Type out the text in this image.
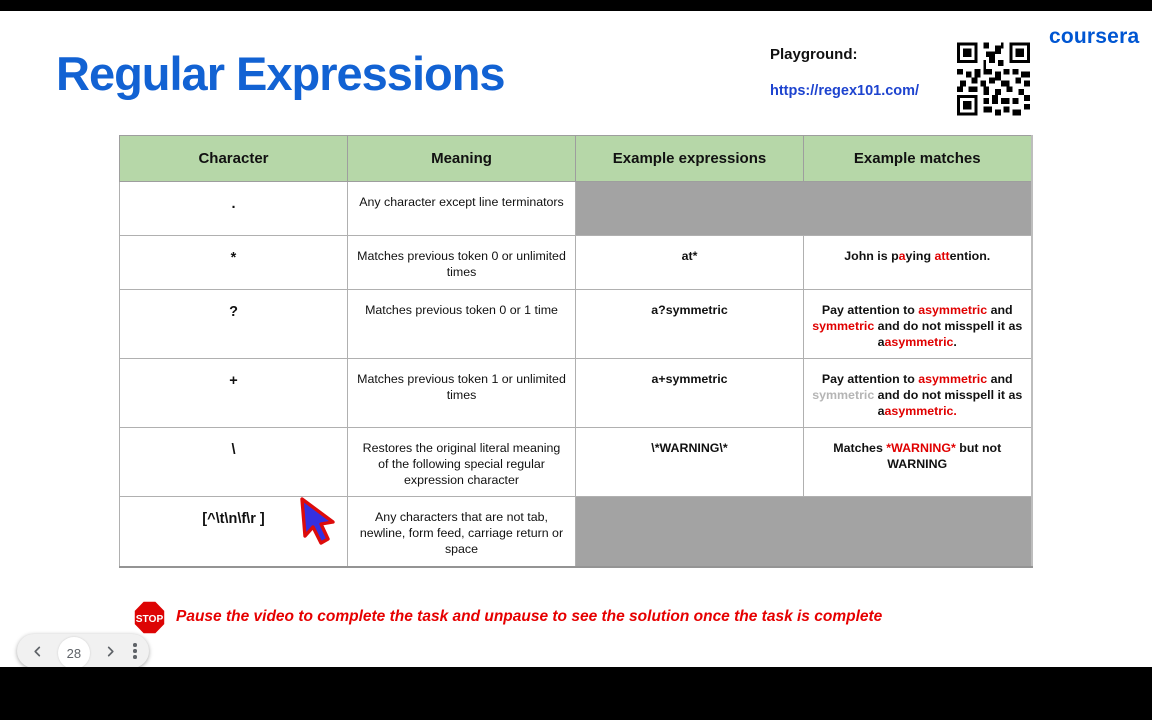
Regular Expressions	Playground:
https://regex101.com/
coursera
Character	Meaning	Example expressions	Example matches
.	Any character except line terminators		
*	Matches previous token 0 or unlimited times	at*	John is paying attention.
?	Matches previous token 0 or 1 time	a?symmetric	Pay attention to asymmetric and symmetric and do not misspell it as aasymmetric.
+	Matches previous token 1 or unlimited times	a+symmetric	Pay attention to asymmetric and symmetric and do not misspell it as aasymmetric.
\	Restores the original literal meaning of the following special regular expression character	\*WARNING\*	Matches *WARNING* but not WARNING
[^\t\n\f\r ]	Any characters that are not tab, newline, form feed, carriage return or space		
STOP Pause the video to complete the task and unpause to see the solution once the task is complete
28
